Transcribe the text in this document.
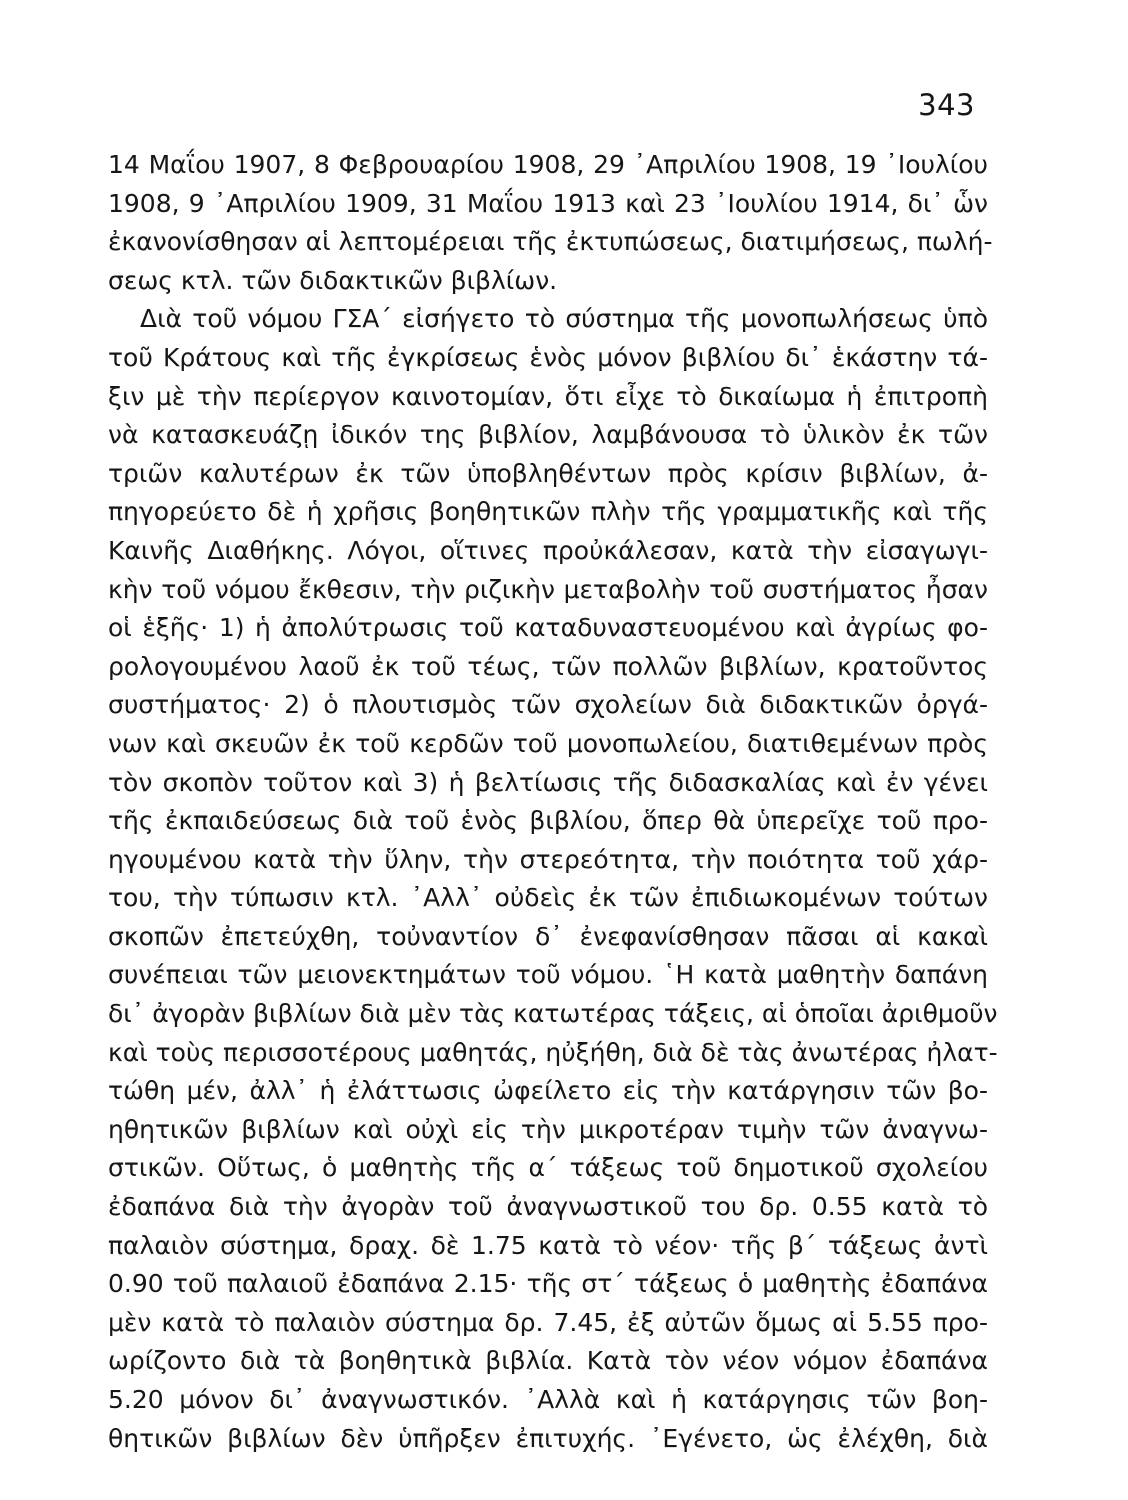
343
14 Μαΐου 1907, 8 Φεβρουαρίου 1908, 29 ᾽Απριλίου 1908, 19 ᾽Ιουλίου
1908, 9 ᾽Απριλίου 1909, 31 Μαΐου 1913 καὶ 23 ᾽Ιουλίου 1914, δι᾽ ὧν
ἐκανονίσθησαν αἱ λεπτομέρειαι τῆς ἐκτυπώσεως, διατιμήσεως, πωλή-
σεως κτλ. τῶν διδακτικῶν βιβλίων.
Διὰ τοῦ νόμου ΓΣΑ΄ εἰσήγετο τὸ σύστημα τῆς μονοπωλήσεως ὑπὸ
τοῦ Κράτους καὶ τῆς ἐγκρίσεως ἑνὸς μόνον βιβλίου δι᾽ ἑκάστην τά-
ξιν μὲ τὴν περίεργον καινοτομίαν, ὅτι εἶχε τὸ δικαίωμα ἡ ἐπιτροπὴ
νὰ κατασκευάζῃ ἰδικόν της βιβλίον, λαμβάνουσα τὸ ὑλικὸν ἐκ τῶν
τριῶν καλυτέρων ἐκ τῶν ὑποβληθέντων πρὸς κρίσιν βιβλίων, ἀ-
πηγορεύετο δὲ ἡ χρῆσις βοηθητικῶν πλὴν τῆς γραμματικῆς καὶ τῆς
Καινῆς Διαθήκης. Λόγοι, οἵτινες προὐκάλεσαν, κατὰ τὴν εἰσαγωγι-
κὴν τοῦ νόμου ἔκθεσιν, τὴν ριζικὴν μεταβολὴν τοῦ συστήματος ἦσαν
οἱ ἑξῆς· 1) ἡ ἀπολύτρωσις τοῦ καταδυναστευομένου καὶ ἀγρίως φο-
ρολογουμένου λαοῦ ἐκ τοῦ τέως, τῶν πολλῶν βιβλίων, κρατοῦντος
συστήματος· 2) ὁ πλουτισμὸς τῶν σχολείων διὰ διδακτικῶν ὀργά-
νων καὶ σκευῶν ἐκ τοῦ κερδῶν τοῦ μονοπωλείου, διατιθεμένων πρὸς
τὸν σκοπὸν τοῦτον καὶ 3) ἡ βελτίωσις τῆς διδασκαλίας καὶ ἐν γένει
τῆς ἐκπαιδεύσεως διὰ τοῦ ἑνὸς βιβλίου, ὅπερ θὰ ὑπερεῖχε τοῦ προ-
ηγουμένου κατὰ τὴν ὕλην, τὴν στερεότητα, τὴν ποιότητα τοῦ χάρ-
του, τὴν τύπωσιν κτλ. ᾽Αλλ᾽ οὐδεὶς ἐκ τῶν ἐπιδιωκομένων τούτων
σκοπῶν ἐπετεύχθη, τοὐναντίον δ᾽ ἐνεφανίσθησαν πᾶσαι αἱ κακαὶ
συνέπειαι τῶν μειονεκτημάτων τοῦ νόμου. ῾Η κατὰ μαθητὴν δαπάνη
δι᾽ ἀγορὰν βιβλίων διὰ μὲν τὰς κατωτέρας τάξεις, αἱ ὁποῖαι ἀριθμοῦν
καὶ τοὺς περισσοτέρους μαθητάς, ηὐξήθη, διὰ δὲ τὰς ἀνωτέρας ἠλατ-
τώθη μέν, ἀλλ᾽ ἡ ἐλάττωσις ὠφείλετο εἰς τὴν κατάργησιν τῶν βο-
ηθητικῶν βιβλίων καὶ οὐχὶ εἰς τὴν μικροτέραν τιμὴν τῶν ἀναγνω-
στικῶν. Οὕτως, ὁ μαθητὴς τῆς α΄ τάξεως τοῦ δημοτικοῦ σχολείου
ἐδαπάνα διὰ τὴν ἀγορὰν τοῦ ἀναγνωστικοῦ του δρ. 0.55 κατὰ τὸ
παλαιὸν σύστημα, δραχ. δὲ 1.75 κατὰ τὸ νέον· τῆς β΄ τάξεως ἀντὶ
0.90 τοῦ παλαιοῦ ἐδαπάνα 2.15· τῆς στ΄ τάξεως ὁ μαθητὴς ἐδαπάνα
μὲν κατὰ τὸ παλαιὸν σύστημα δρ. 7.45, ἐξ αὐτῶν ὅμως αἱ 5.55 προ-
ωρίζοντο διὰ τὰ βοηθητικὰ βιβλία. Κατὰ τὸν νέον νόμον ἐδαπάνα
5.20 μόνον δι᾽ ἀναγνωστικόν. ᾽Αλλὰ καὶ ἡ κατάργησις τῶν βοη-
θητικῶν βιβλίων δὲν ὑπῆρξεν ἐπιτυχής. ᾽Εγένετο, ὡς ἐλέχθη, διὰ
